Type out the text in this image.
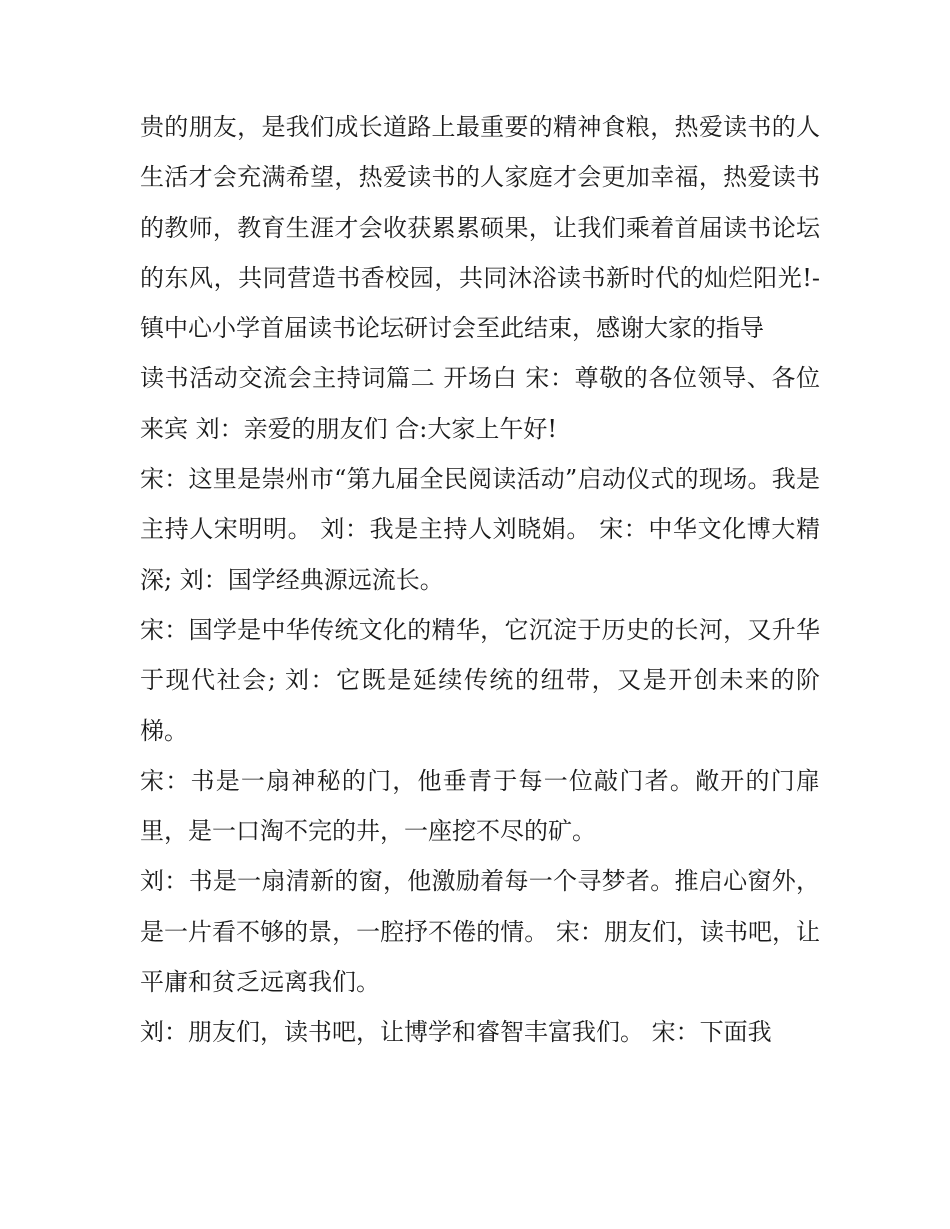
贵的朋友，是我们成长道路上最重要的精神食粮，热爱读书的人生活才会充满希望，热爱读书的人家庭才会更加幸福，热爱读书的教师，教育生涯才会收获累累硕果，让我们乘着首届读书论坛的东风，共同营造书香校园，共同沐浴读书新时代的灿烂阳光!-镇中心小学首届读书论坛研讨会至此结束，感谢大家的指导

读书活动交流会主持词篇二 开场白 宋：尊敬的各位领导、各位来宾 刘：亲爱的朋友们 合:大家上午好!

宋：这里是崇州市“第九届全民阅读活动”启动仪式的现场。我是主持人宋明明。 刘：我是主持人刘晓娟。 宋：中华文化博大精深; 刘：国学经典源远流长。

宋：国学是中华传统文化的精华，它沉淀于历史的长河，又升华于现代社会; 刘：它既是延续传统的纽带，又是开创未来的阶梯。

宋：书是一扇神秘的门，他垂青于每一位敲门者。敞开的门扉里，是一口淘不完的井，一座挖不尽的矿。

刘：书是一扇清新的窗，他激励着每一个寻梦者。推启心窗外，是一片看不够的景，一腔抒不倦的情。 宋：朋友们，读书吧，让平庸和贫乏远离我们。

刘：朋友们，读书吧，让博学和睿智丰富我们。 宋：下面我
